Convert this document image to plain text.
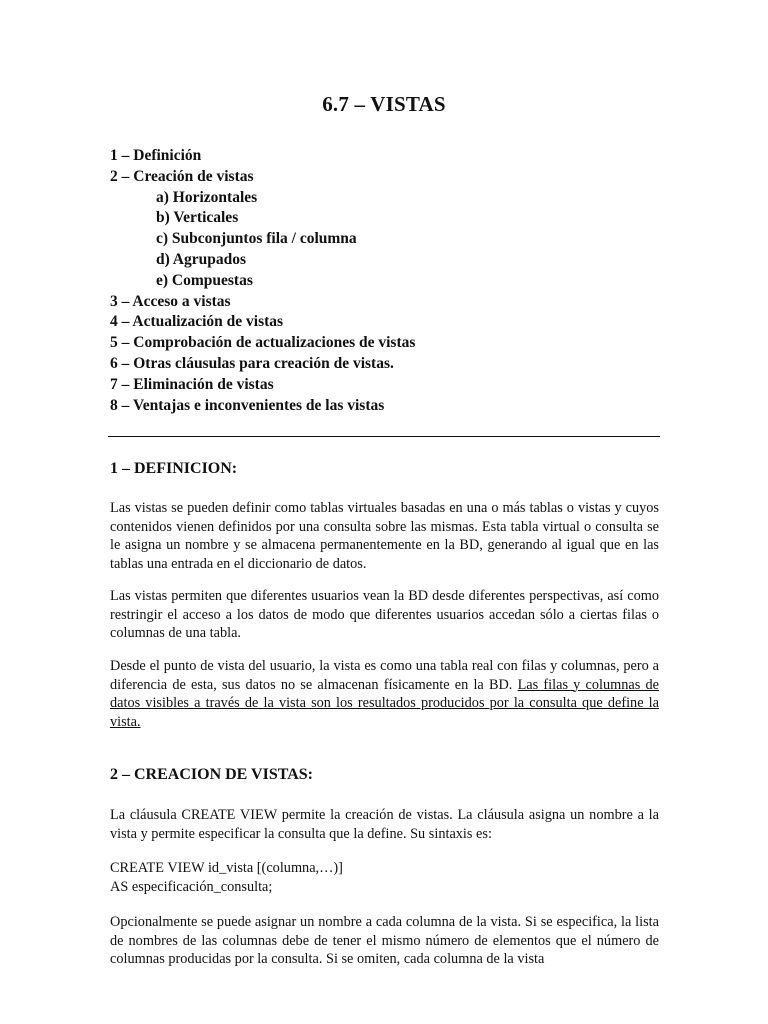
6.7 – VISTAS
1 – Definición
2 – Creación de vistas
a) Horizontales
b) Verticales
c) Subconjuntos fila / columna
d) Agrupados
e) Compuestas
3 – Acceso a vistas
4 – Actualización de vistas
5 – Comprobación de actualizaciones de vistas
6 – Otras cláusulas para creación de vistas.
7 – Eliminación de vistas
8 – Ventajas e inconvenientes de las vistas
1 – DEFINICION:

Las vistas se pueden definir como tablas virtuales basadas en una o más tablas o vistas y cuyos contenidos vienen definidos por una consulta sobre las mismas. Esta tabla virtual o consulta se le asigna un nombre y se almacena permanentemente en la BD, generando al igual que en las tablas una entrada en el diccionario de datos.

Las vistas permiten que diferentes usuarios vean la BD desde diferentes perspectivas, así como restringir el acceso a los datos de modo que diferentes usuarios accedan sólo a ciertas filas o columnas de una tabla.

Desde el punto de vista del usuario, la vista es como una tabla real con filas y columnas, pero a diferencia de esta, sus datos no se almacenan físicamente en la BD. Las filas y columnas de datos visibles a través de la vista son los resultados producidos por la consulta que define la vista.

2 – CREACION DE VISTAS:

La cláusula CREATE VIEW permite la creación de vistas. La cláusula asigna un nombre a la vista y permite especificar la consulta que la define. Su sintaxis es:

CREATE VIEW id_vista [(columna,…)]
AS especificación_consulta;

Opcionalmente se puede asignar un nombre a cada columna de la vista. Si se especifica, la lista de nombres de las columnas debe de tener el mismo número de elementos que el número de columnas producidas por la consulta. Si se omiten, cada columna de la vista
